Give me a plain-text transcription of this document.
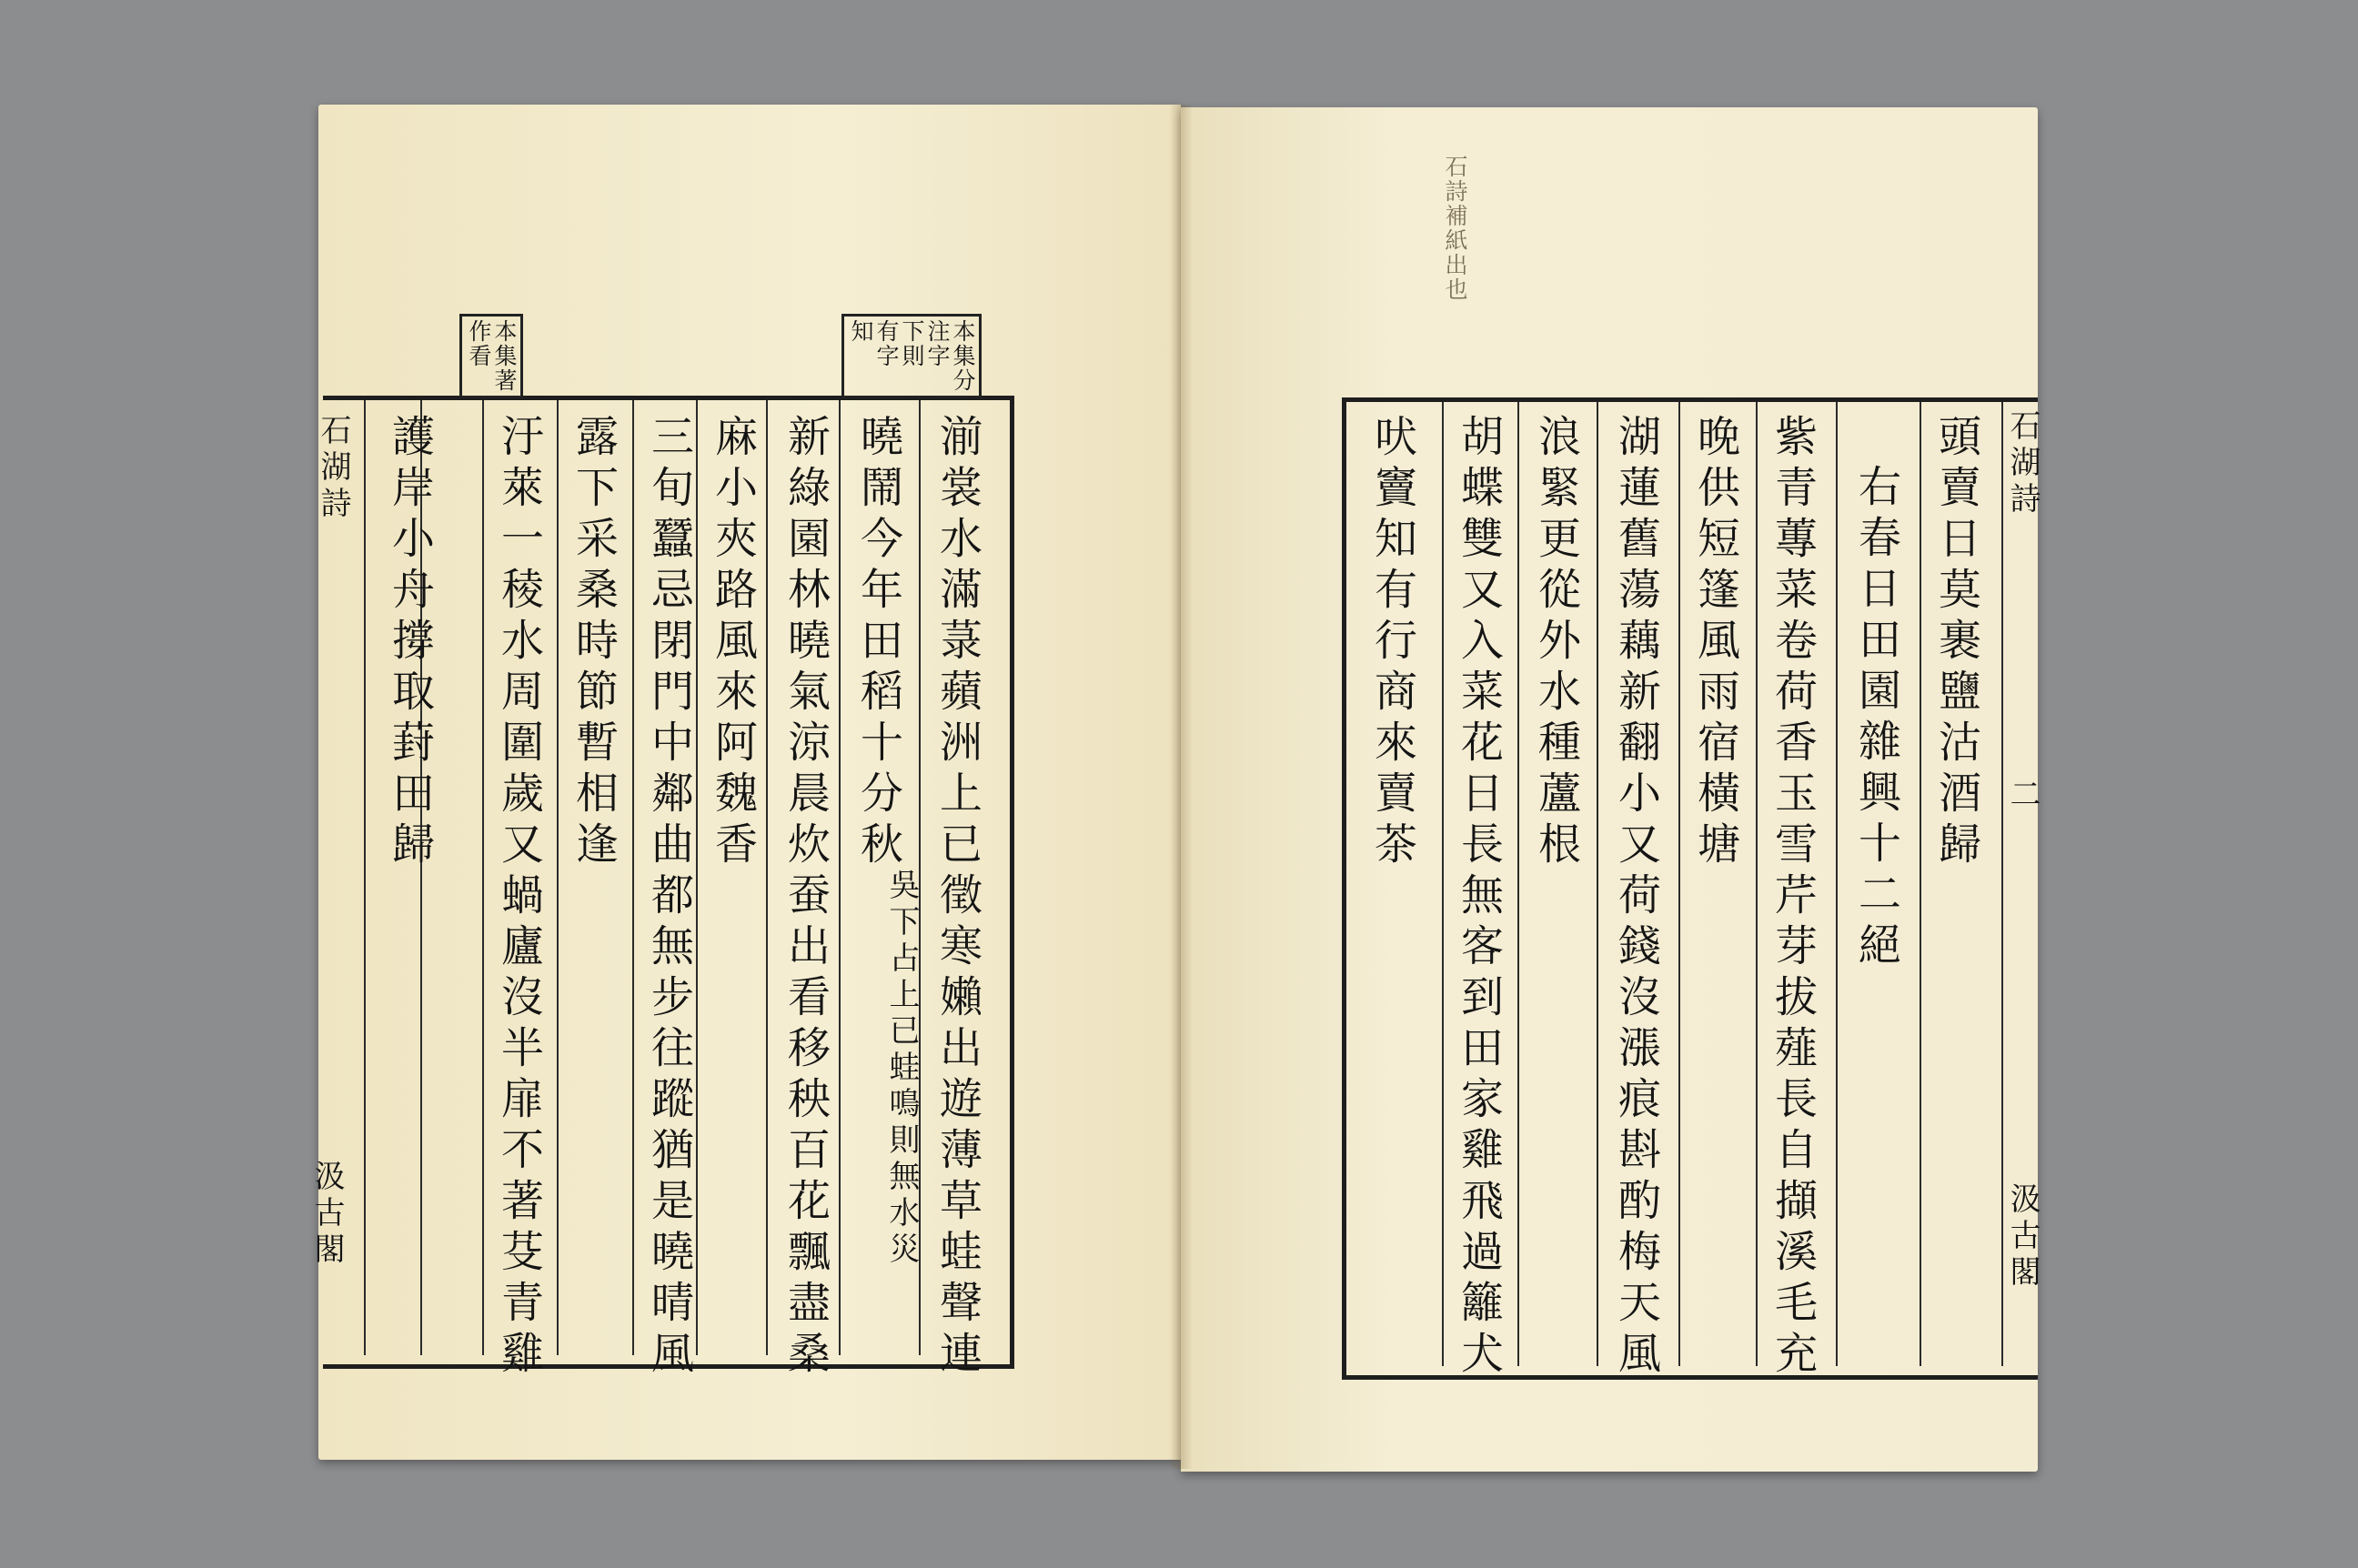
石湖詩
汲古閣
本集著
作看	本集分
注字
下則
有字
知
湔裳水滿菉蘋洲上已徵寒嬾出遊薄草蛙聲連
曉鬧今年田稻十分秋
吳下占上已蛙鳴則無水災
新綠園林曉氣涼晨炊蚕出看移秧百花飄盡桑
麻小夾路風來阿魏香
三旬蠶忌閉門中鄰曲都無步往蹤猶是曉晴風
露下采桑時節暫相逢
汙萊一稜水周圍歲又蝸廬沒半扉不著芟青雞
護岸小舟撐取葑田歸
石詩補紙出也
石湖詩
二
汲古閣
頭賣日莫裹鹽沽酒歸
右春日田園雜興十二絕
紫青蓴菜卷荷香玉雪芹芽拔薤長自擷溪毛充
晚供短篷風雨宿橫塘
湖蓮舊蕩藕新翻小又荷錢沒漲痕斟酌梅天風
浪緊更從外水種蘆根
胡蝶雙又入菜花日長無客到田家雞飛過籬犬
吠竇知有行商來賣茶
